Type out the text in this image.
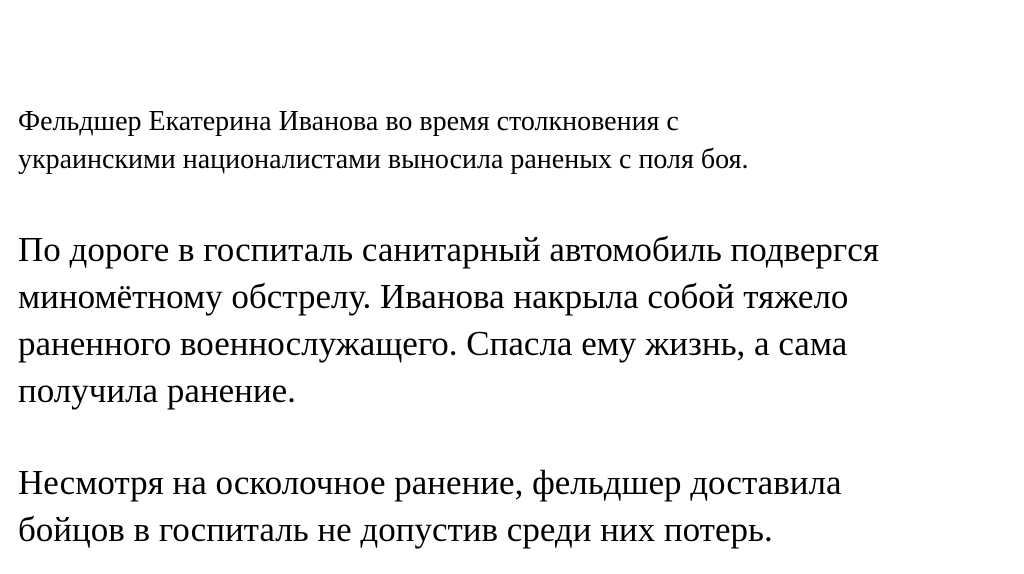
Фельдшер Екатерина Иванова во время столкновения с
украинскими националистами выносила раненых с поля боя.

По дороге в госпиталь санитарный автомобиль подвергся
миномётному обстрелу. Иванова накрыла собой тяжело
раненного военнослужащего. Спасла ему жизнь, а сама
получила ранение.

Несмотря на осколочное ранение, фельдшер доставила
бойцов в госпиталь не допустив среди них потерь.
